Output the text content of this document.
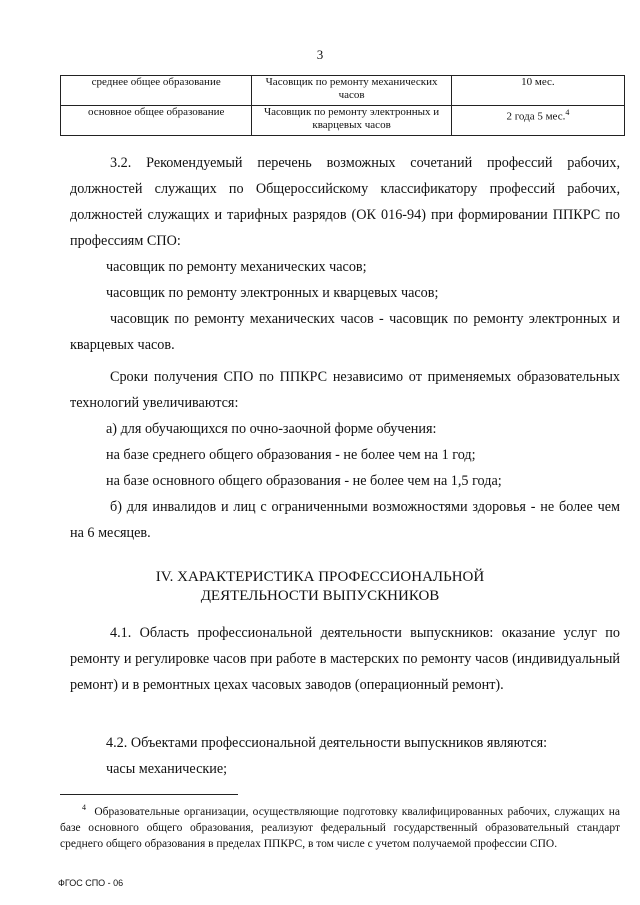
3
среднее общее образование	Часовщик по ремонту механических часов	10 мес.
основное общее образование	Часовщик по ремонту электронных и кварцевых часов	2 года 5 мес.$^4$
3.2. Рекомендуемый перечень возможных сочетаний профессий рабочих, должностей служащих по Общероссийскому классификатору профессий рабочих, должностей служащих и тарифных разрядов (ОК 016-94) при формировании ППКРС по профессиям СПО:
часовщик по ремонту механических часов;
часовщик по ремонту электронных и кварцевых часов;
часовщик по ремонту механических часов - часовщик по ремонту электронных и кварцевых часов.
Сроки получения СПО по ППКРС независимо от применяемых образовательных технологий увеличиваются:
а) для обучающихся по очно-заочной форме обучения:
на базе среднего общего образования - не более чем на 1 год;
на базе основного общего образования - не более чем на 1,5 года;
б) для инвалидов и лиц с ограниченными возможностями здоровья - не более чем на 6 месяцев.
IV. ХАРАКТЕРИСТИКА ПРОФЕССИОНАЛЬНОЙ
ДЕЯТЕЛЬНОСТИ ВЫПУСКНИКОВ
4.1. Область профессиональной деятельности выпускников: оказание услуг по ремонту и регулировке часов при работе в мастерских по ремонту часов (индивидуальный ремонт) и в ремонтных цехах часовых заводов (операционный ремонт).
4.2. Объектами профессиональной деятельности выпускников являются:
часы механические;
$^4$ Образовательные организации, осуществляющие подготовку квалифицированных рабочих, служащих на базе основного общего образования, реализуют федеральный государственный образовательный стандарт среднего общего образования в пределах ППКРС, в том числе с учетом получаемой профессии СПО.
ФГОС СПО - 06
